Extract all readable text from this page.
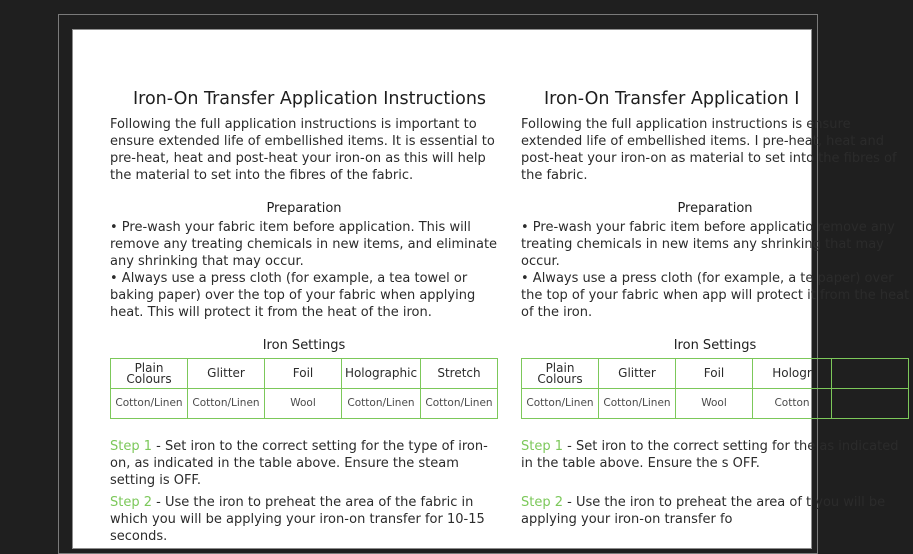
Iron-On Transfer Application Instructions

Following the full application instructions is important to ensure extended life of embellished items. It is essential to pre-heat, heat and post-heat your iron-on as this will help the material to set into the fibres of the fabric.

Preparation

• Pre-wash your fabric item before application. This will remove any treating chemicals in new items, and eliminate any shrinking that may occur.

• Always use a press cloth (for example, a tea towel or baking paper) over the top of your fabric when applying heat. This will protect it from the heat of the iron.

Iron Settings
Plain Colours	Glitter	Foil	Holographic	Stretch
Cotton/Linen	Cotton/Linen	Wool	Cotton/Linen	Cotton/Linen

Step 1 - Set iron to the correct setting for the type of iron-on, as indicated in the table above. Ensure the steam setting is OFF.

Step 2 - Use the iron to preheat the area of the fabric in which you will be applying your iron-on transfer for 10-15 seconds.

Iron-On Transfer Application I

Following the full application instructions is ensure extended life of embellished items. I pre-heat, heat and post-heat your iron-on as material to set into the fibres of the fabric.

Preparation

• Pre-wash your fabric item before applicatio remove any treating chemicals in new items any shrinking that may occur.

• Always use a press cloth (for example, a te paper) over the top of your fabric when app will protect it from the heat of the iron.

Iron Settings
Plain Colours	Glitter	Foil	Hologr	
Cotton/Linen	Cotton/Linen	Wool	Cotton	

Step 1 - Set iron to the correct setting for the as indicated in the table above. Ensure the s OFF.

Step 2 - Use the iron to preheat the area of t you will be applying your iron-on transfer fo
